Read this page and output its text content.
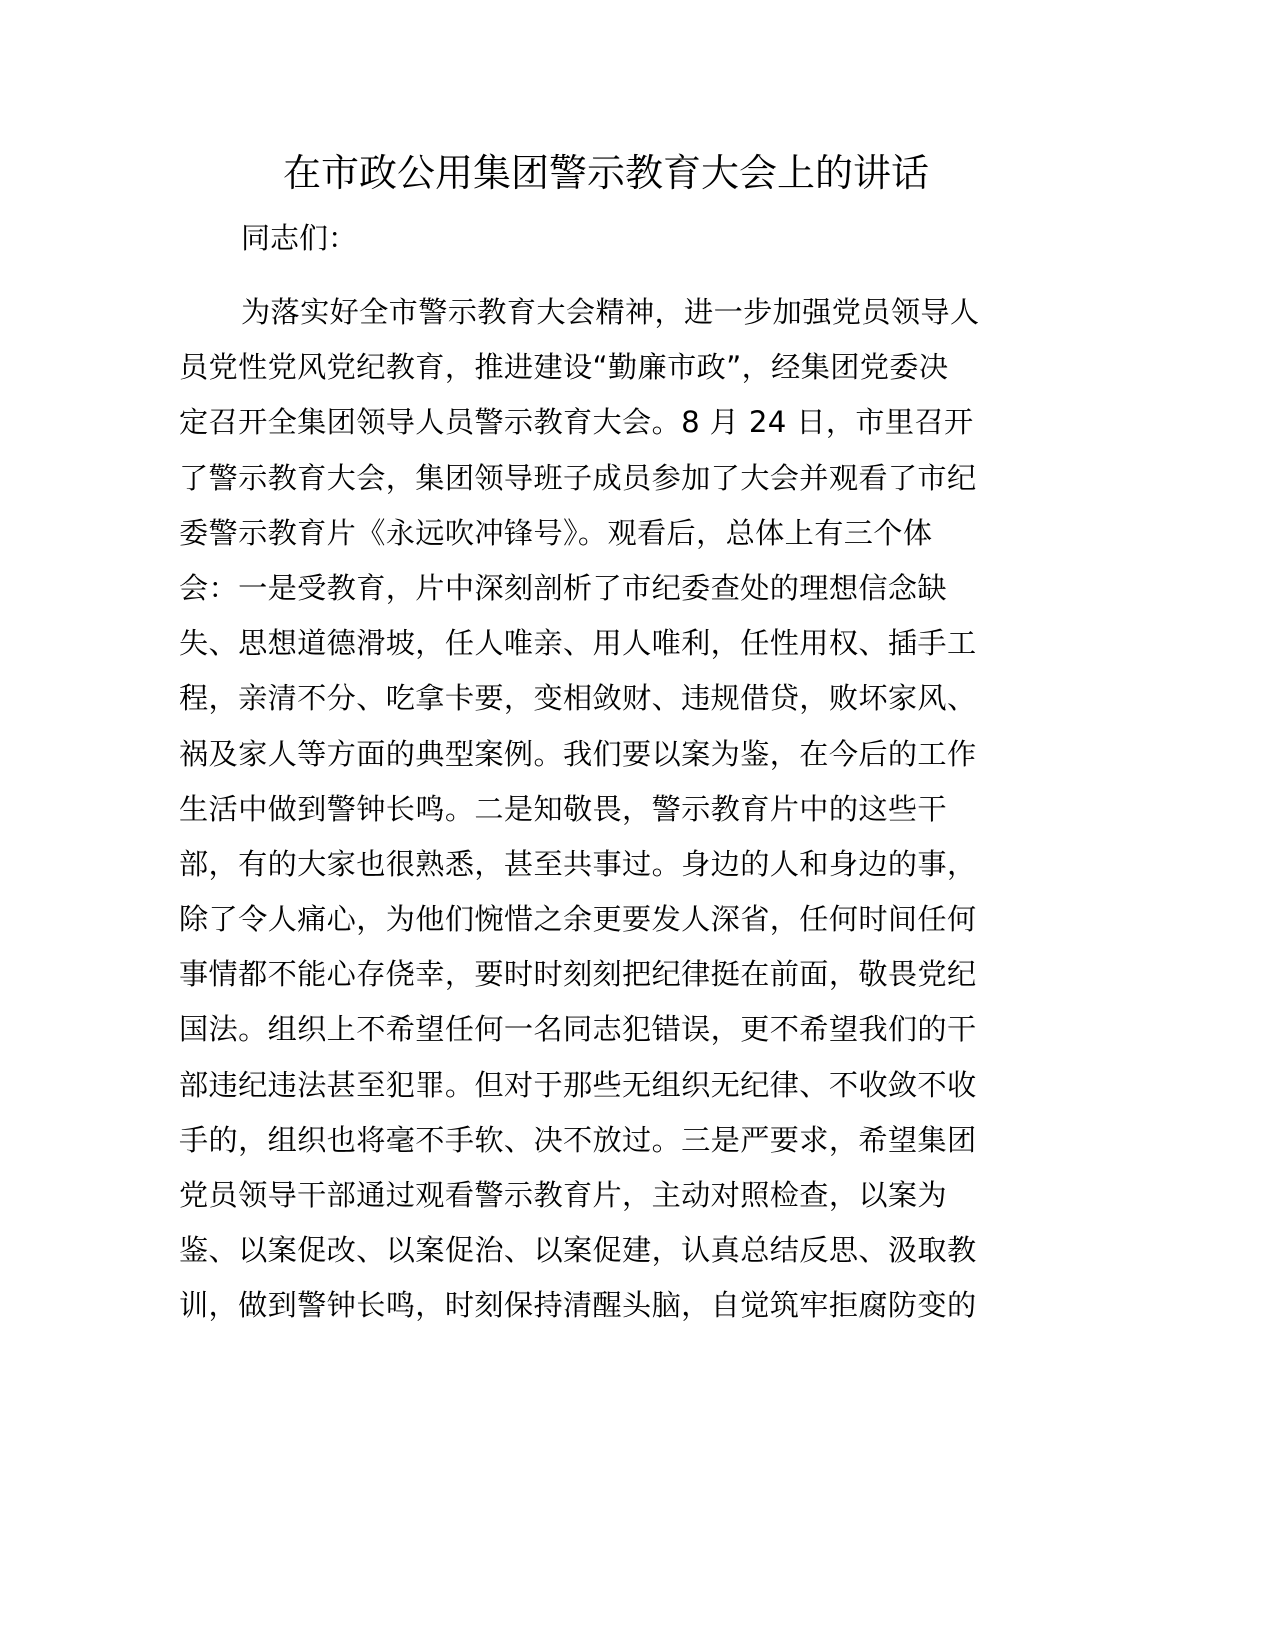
在市政公用集团警示教育大会上的讲话
同志们：
为落实好全市警示教育大会精神，进一步加强党员领导人
员党性党风党纪教育，推进建设“勤廉市政”，经集团党委决
定召开全集团领导人员警示教育大会。8 月 24 日，市里召开
了警示教育大会，集团领导班子成员参加了大会并观看了市纪
委警示教育片《永远吹冲锋号》。观看后，总体上有三个体
会：一是受教育，片中深刻剖析了市纪委查处的理想信念缺
失、思想道德滑坡，任人唯亲、用人唯利，任性用权、插手工
程，亲清不分、吃拿卡要，变相敛财、违规借贷，败坏家风、
祸及家人等方面的典型案例。我们要以案为鉴，在今后的工作
生活中做到警钟长鸣。二是知敬畏，警示教育片中的这些干
部，有的大家也很熟悉，甚至共事过。身边的人和身边的事，
除了令人痛心，为他们惋惜之余更要发人深省，任何时间任何
事情都不能心存侥幸，要时时刻刻把纪律挺在前面，敬畏党纪
国法。组织上不希望任何一名同志犯错误，更不希望我们的干
部违纪违法甚至犯罪。但对于那些无组织无纪律、不收敛不收
手的，组织也将毫不手软、决不放过。三是严要求，希望集团
党员领导干部通过观看警示教育片，主动对照检查，以案为
鉴、以案促改、以案促治、以案促建，认真总结反思、汲取教
训，做到警钟长鸣，时刻保持清醒头脑，自觉筑牢拒腐防变的
